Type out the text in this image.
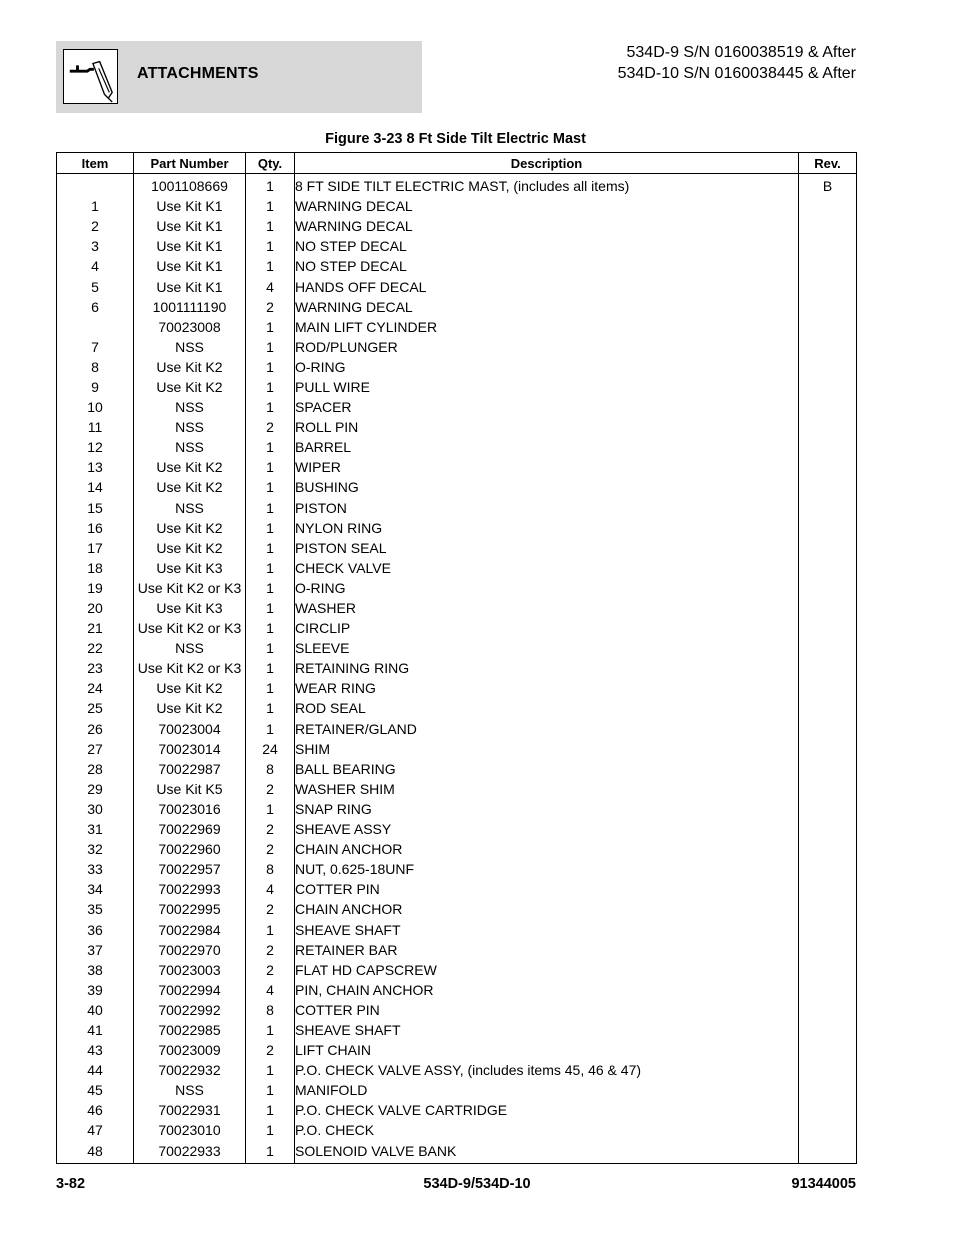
ATTACHMENTS
534D-9 S/N 0160038519 & After
534D-10 S/N 0160038445 & After
Figure 3-23 8 Ft Side Tilt Electric Mast
Item	Part Number	Qty.	Description	Rev.
	1001108669	1	8 FT SIDE TILT ELECTRIC MAST, (includes all items)	B
1	Use Kit K1	1	WARNING DECAL	
2	Use Kit K1	1	WARNING DECAL	
3	Use Kit K1	1	NO STEP DECAL	
4	Use Kit K1	1	NO STEP DECAL	
5	Use Kit K1	4	HANDS OFF DECAL	
6	1001111190	2	WARNING DECAL	
	70023008	1	MAIN LIFT CYLINDER	
7	NSS	1	ROD/PLUNGER	
8	Use Kit K2	1	O-RING	
9	Use Kit K2	1	PULL WIRE	
10	NSS	1	SPACER	
11	NSS	2	ROLL PIN	
12	NSS	1	BARREL	
13	Use Kit K2	1	WIPER	
14	Use Kit K2	1	BUSHING	
15	NSS	1	PISTON	
16	Use Kit K2	1	NYLON RING	
17	Use Kit K2	1	PISTON SEAL	
18	Use Kit K3	1	CHECK VALVE	
19	Use Kit K2 or K3	1	O-RING	
20	Use Kit K3	1	WASHER	
21	Use Kit K2 or K3	1	CIRCLIP	
22	NSS	1	SLEEVE	
23	Use Kit K2 or K3	1	RETAINING RING	
24	Use Kit K2	1	WEAR RING	
25	Use Kit K2	1	ROD SEAL	
26	70023004	1	RETAINER/GLAND	
27	70023014	24	SHIM	
28	70022987	8	BALL BEARING	
29	Use Kit K5	2	WASHER SHIM	
30	70023016	1	SNAP RING	
31	70022969	2	SHEAVE ASSY	
32	70022960	2	CHAIN ANCHOR	
33	70022957	8	NUT, 0.625-18UNF	
34	70022993	4	COTTER PIN	
35	70022995	2	CHAIN ANCHOR	
36	70022984	1	SHEAVE SHAFT	
37	70022970	2	RETAINER BAR	
38	70023003	2	FLAT HD CAPSCREW	
39	70022994	4	PIN, CHAIN ANCHOR	
40	70022992	8	COTTER PIN	
41	70022985	1	SHEAVE SHAFT	
43	70023009	2	LIFT CHAIN	
44	70022932	1	P.O. CHECK VALVE ASSY, (includes items 45, 46 & 47)	
45	NSS	1	MANIFOLD	
46	70022931	1	P.O. CHECK VALVE CARTRIDGE	
47	70023010	1	P.O. CHECK	
48	70022933	1	SOLENOID VALVE BANK	
3-82	534D-9/534D-10	91344005
